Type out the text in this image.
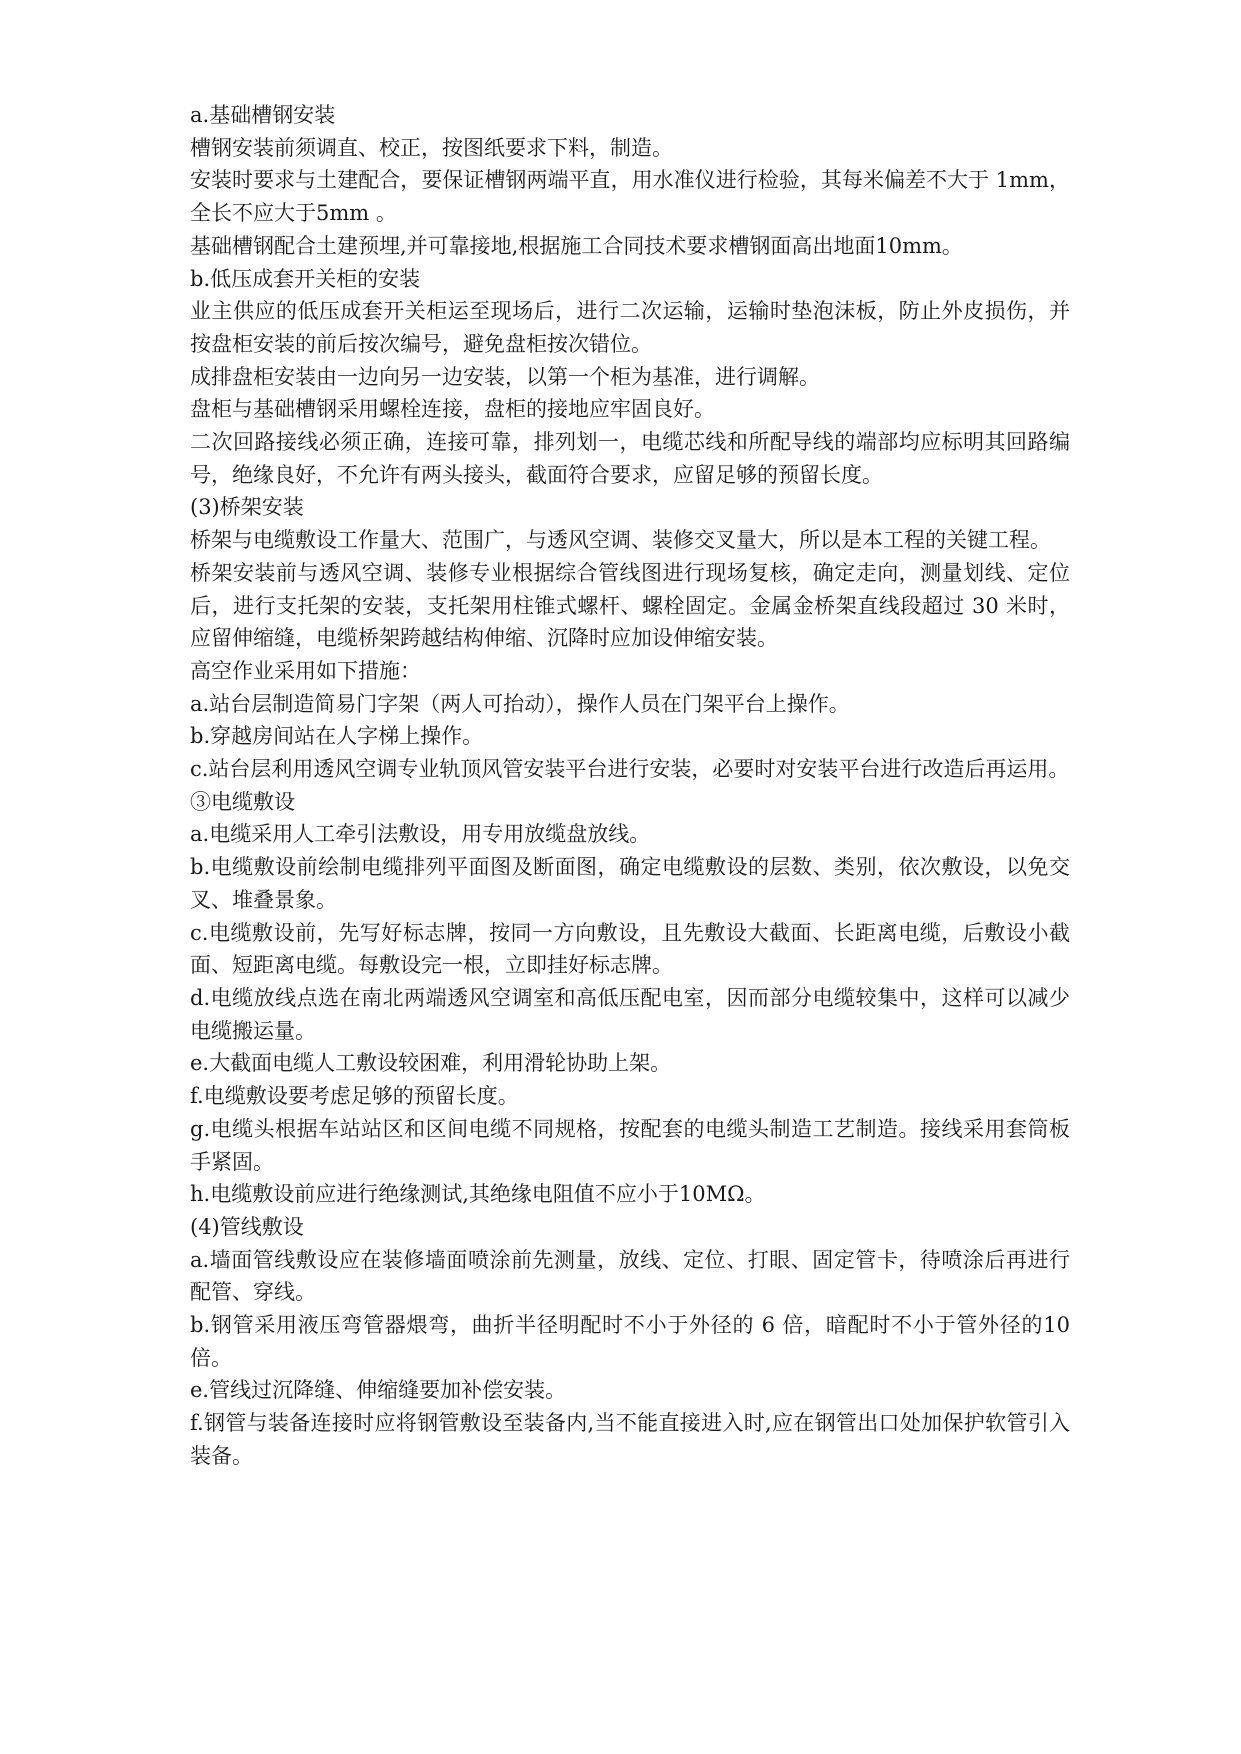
a.基础槽钢安装

槽钢安装前须调直、校正，按图纸要求下料，制造。

安装时要求与土建配合，要保证槽钢两端平直，用水准仪进行检验，其每米偏差不大于 1mm，全长不应大于5mm 。

基础槽钢配合土建预埋,并可靠接地,根据施工合同技术要求槽钢面高出地面10mm。

b.低压成套开关柜的安装

业主供应的低压成套开关柜运至现场后，进行二次运输，运输时垫泡沫板，防止外皮损伤，并按盘柜安装的前后按次编号，避免盘柜按次错位。

成排盘柜安装由一边向另一边安装，以第一个柜为基准，进行调解。

盘柜与基础槽钢采用螺栓连接，盘柜的接地应牢固良好。

二次回路接线必须正确，连接可靠，排列划一，电缆芯线和所配导线的端部均应标明其回路编号，绝缘良好，不允许有两头接头，截面符合要求，应留足够的预留长度。

(3)桥架安装

桥架与电缆敷设工作量大、范围广，与透风空调、装修交叉量大，所以是本工程的关键工程。

桥架安装前与透风空调、装修专业根据综合管线图进行现场复核，确定走向，测量划线、定位后，进行支托架的安装，支托架用柱锥式螺杆、螺栓固定。金属金桥架直线段超过 30 米时，应留伸缩缝，电缆桥架跨越结构伸缩、沉降时应加设伸缩安装。

高空作业采用如下措施：

a.站台层制造简易门字架（两人可抬动），操作人员在门架平台上操作。

b.穿越房间站在人字梯上操作。

c.站台层利用透风空调专业轨顶风管安装平台进行安装，必要时对安装平台进行改造后再运用。

③电缆敷设

a.电缆采用人工牵引法敷设，用专用放缆盘放线。

b.电缆敷设前绘制电缆排列平面图及断面图，确定电缆敷设的层数、类别，依次敷设，以免交叉、堆叠景象。

c.电缆敷设前，先写好标志牌，按同一方向敷设，且先敷设大截面、长距离电缆，后敷设小截面、短距离电缆。每敷设完一根，立即挂好标志牌。

d.电缆放线点选在南北两端透风空调室和高低压配电室，因而部分电缆较集中，这样可以减少电缆搬运量。

e.大截面电缆人工敷设较困难，利用滑轮协助上架。

f.电缆敷设要考虑足够的预留长度。

g.电缆头根据车站站区和区间电缆不同规格，按配套的电缆头制造工艺制造。接线采用套筒板手紧固。

h.电缆敷设前应进行绝缘测试,其绝缘电阻值不应小于10MΩ。

(4)管线敷设

a.墙面管线敷设应在装修墙面喷涂前先测量，放线、定位、打眼、固定管卡，待喷涂后再进行配管、穿线。

b.钢管采用液压弯管器煨弯，曲折半径明配时不小于外径的 6 倍，暗配时不小于管外径的10 倍。

e.管线过沉降缝、伸缩缝要加补偿安装。

f.钢管与装备连接时应将钢管敷设至装备内,当不能直接进入时,应在钢管出口处加保护软管引入装备。
